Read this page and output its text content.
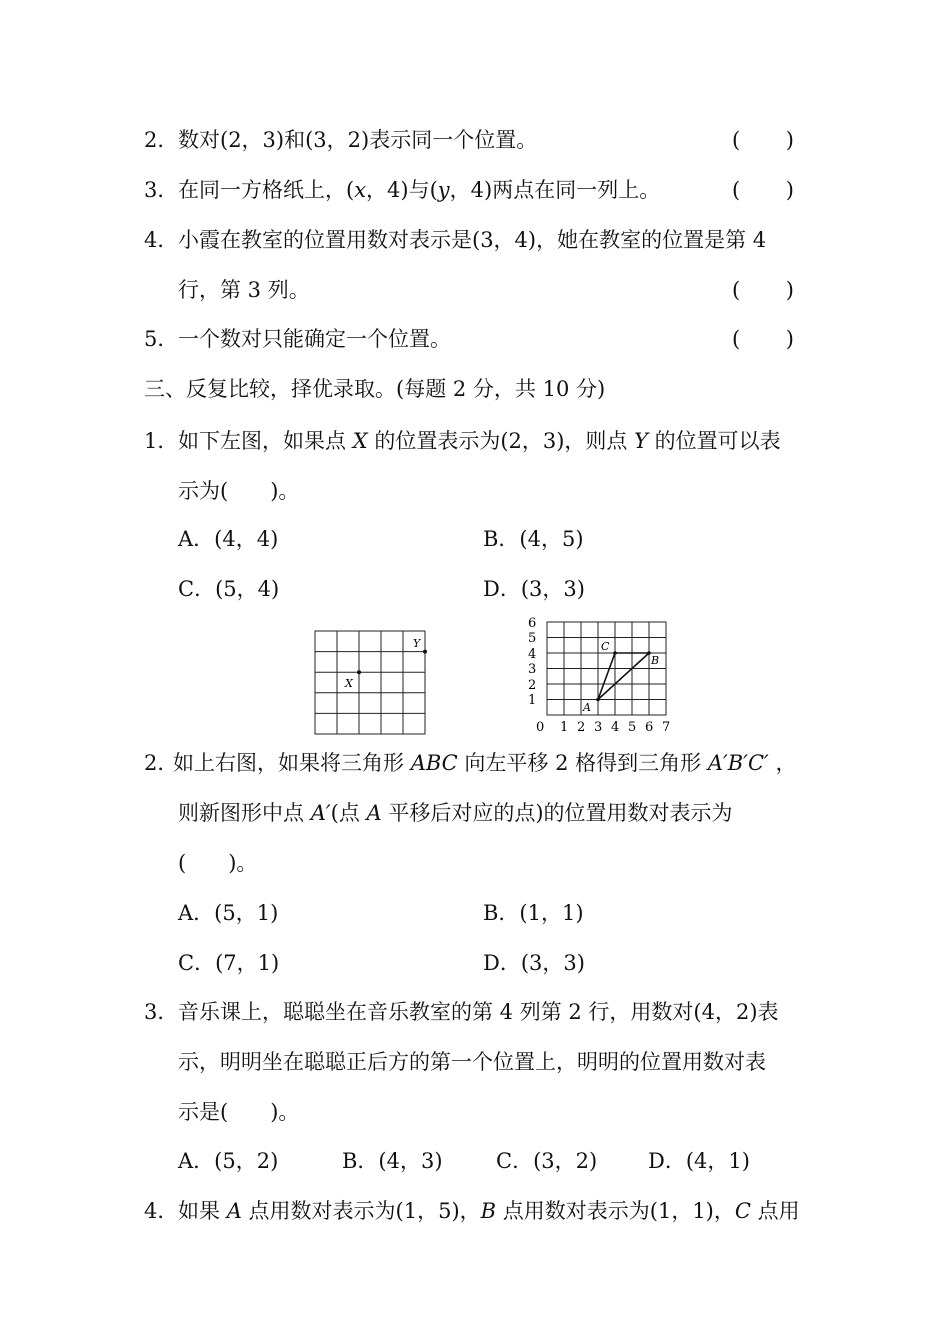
2． 数对(2，3)和(3，2)表示同一个位置。	( )
3． 在同一方格纸上，(x，4)与(y，4)两点在同一列上。	( )
4． 小霞在教室的位置用数对表示是(3，4)，她在教室的位置是第 4
行，第 3 列。	( )
5． 一个数对只能确定一个位置。	( )
三、反复比较，择优录取。(每题 2 分，共 10 分)
1． 如下左图，如果点 X 的位置表示为(2，3)，则点 Y 的位置可以表
示为(　　)。
A．(4，4)	B．(4，5)
C．(5，4)	D．(3，3)
X
Y
A
B
C
0 1 2 3 4 5 6 7
1
2
3
4
5
6
2．
如上右图，如果将三角形 ABC 向左平移 2 格得到三角形 A′B′C′ ，
则新图形中点 A′(点 A 平移后对应的点)的位置用数对表示为
(　　)。
A．(5，1)	B．(1，1)
C．(7，1)	D．(3，3)
3． 音乐课上，聪聪坐在音乐教室的第 4 列第 2 行，用数对(4，2)表
示，明明坐在聪聪正后方的第一个位置上，明明的位置用数对表
示是(　　)。
A．(5，2)	B．(4，3)	C．(3，2) D．(4，1)
4． 如果 A 点用数对表示为(1，5)，B 点用数对表示为(1，1)，C 点用
